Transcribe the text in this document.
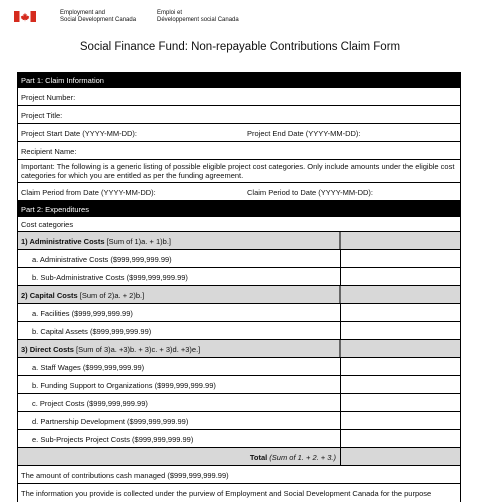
Employment and
Social Development Canada
Emploi et
Développement social Canada
Social Finance Fund: Non-repayable Contributions Claim Form
Part 1: Claim Information
Project Number:
Project Title:
Project Start Date (YYYY-MM-DD):	Project End Date (YYYY-MM-DD):
Recipient Name:
Important: The following is a generic listing of possible eligible project cost categories. Only include amounts under the eligible cost categories for which you are entitled as per the funding agreement.
Claim Period from Date (YYYY-MM-DD):	Claim Period to Date (YYYY-MM-DD):
Part 2: Expenditures
Cost categories
1) Administrative Costs [Sum of 1)a. + 1)b.]
a. Administrative Costs ($999,999,999.99)
b. Sub-Administrative Costs ($999,999,999.99)
2) Capital Costs [Sum of 2)a. + 2)b.]
a. Facilities ($999,999,999.99)
b. Capital Assets ($999,999,999.99)
3) Direct Costs [Sum of 3)a. +3)b. + 3)c. + 3)d. +3)e.]
a. Staff Wages ($999,999,999.99)
b. Funding Support to Organizations ($999,999,999.99)
c. Project Costs ($999,999,999.99)
d. Partnership Development ($999,999,999.99)
e. Sub-Projects Project Costs ($999,999,999.99)
Total (Sum of 1. + 2. + 3.)
The amount of contributions cash managed ($999,999,999.99)
The information you provide is collected under the purview of Employment and Social Development Canada for the purpose
